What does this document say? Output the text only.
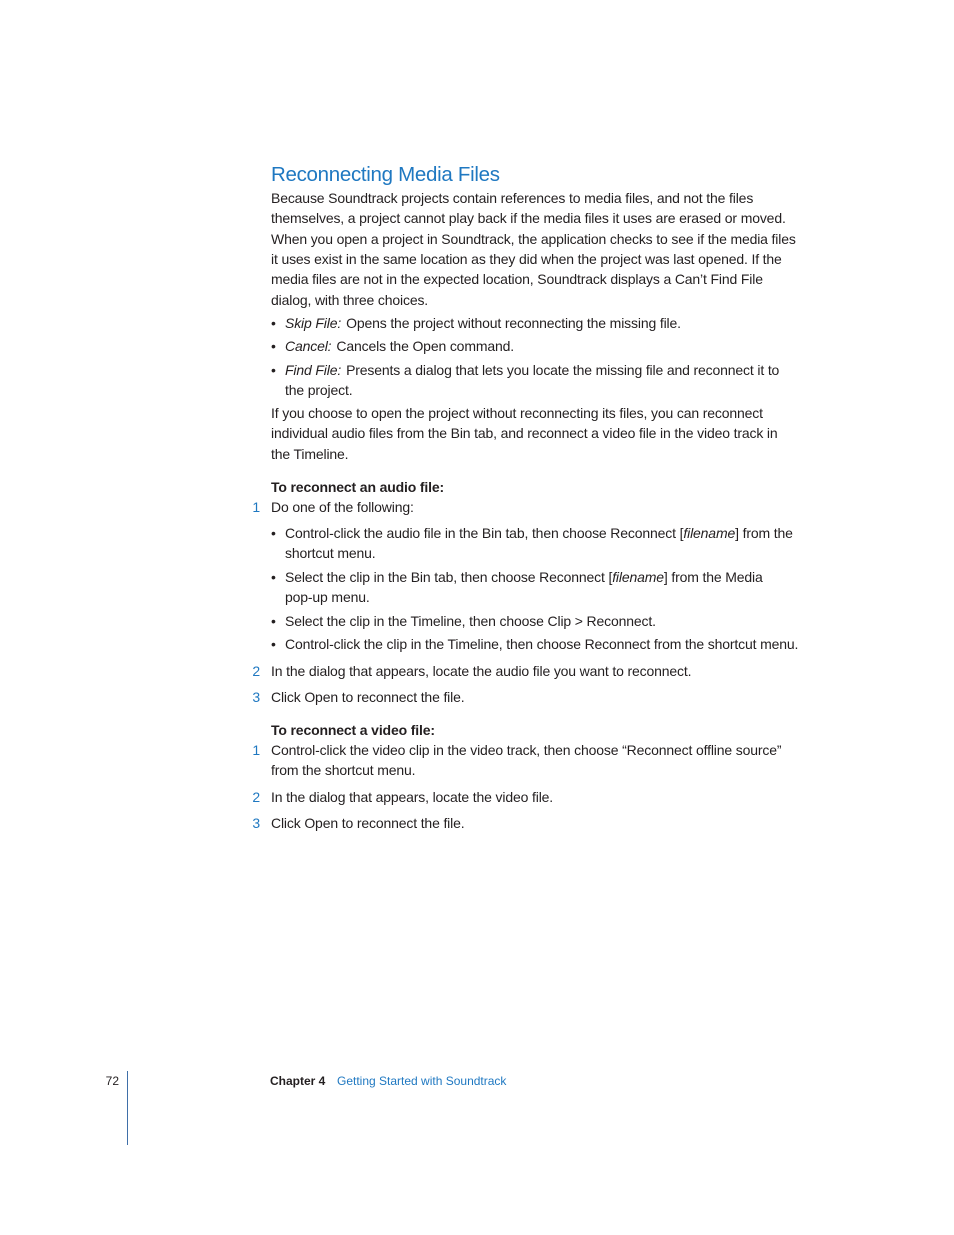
Reconnecting Media Files
Because Soundtrack projects contain references to media files, and not the files
themselves, a project cannot play back if the media files it uses are erased or moved.
When you open a project in Soundtrack, the application checks to see if the media files
it uses exist in the same location as they did when the project was last opened. If the
media files are not in the expected location, Soundtrack displays a Can’t Find File
dialog, with three choices.
• Skip File: Opens the project without reconnecting the missing file.
• Cancel: Cancels the Open command.
• Find File: Presents a dialog that lets you locate the missing file and reconnect it to
the project.
If you choose to open the project without reconnecting its files, you can reconnect
individual audio files from the Bin tab, and reconnect a video file in the video track in
the Timeline.
To reconnect an audio file:
1 Do one of the following:
• Control-click the audio file in the Bin tab, then choose Reconnect [filename] from the
shortcut menu.
• Select the clip in the Bin tab, then choose Reconnect [filename] from the Media
pop-up menu.
• Select the clip in the Timeline, then choose Clip > Reconnect.
• Control-click the clip in the Timeline, then choose Reconnect from the shortcut menu.
2 In the dialog that appears, locate the audio file you want to reconnect.
3 Click Open to reconnect the file.
To reconnect a video file:
1 Control-click the video clip in the video track, then choose “Reconnect offline source”
from the shortcut menu.
2 In the dialog that appears, locate the video file.
3 Click Open to reconnect the file.
72	Chapter 4 Getting Started with Soundtrack
